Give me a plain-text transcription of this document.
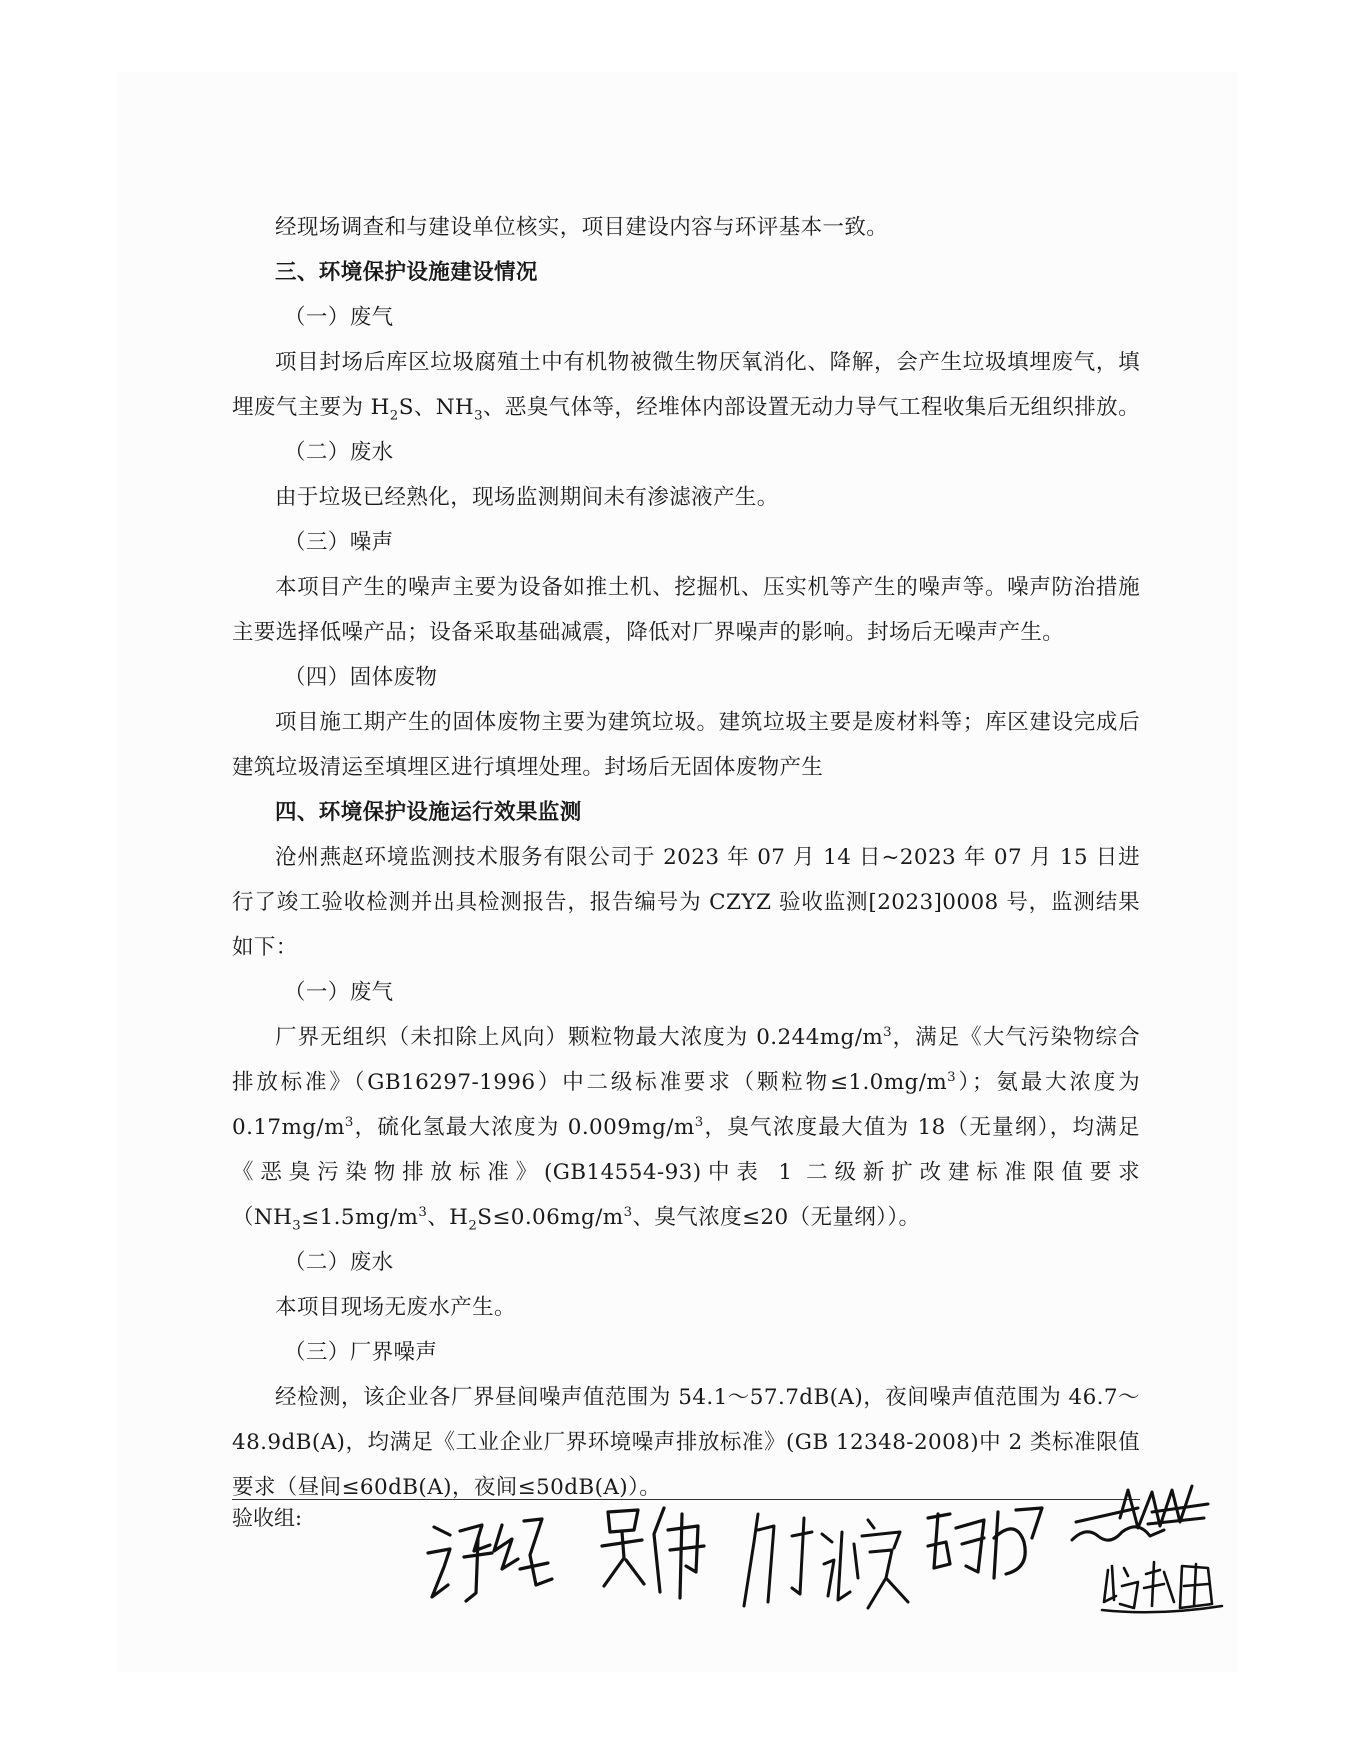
经现场调查和与建设单位核实，项目建设内容与环评基本一致。

三、环境保护设施建设情况

（一）废气

项目封场后库区垃圾腐殖土中有机物被微生物厌氧消化、降解，会产生垃圾填埋废气，填埋废气主要为 $H_2S$、$NH_3$、恶臭气体等，经堆体内部设置无动力导气工程收集后无组织排放。

（二）废水

由于垃圾已经熟化，现场监测期间未有渗滤液产生。

（三）噪声

本项目产生的噪声主要为设备如推土机、挖掘机、压实机等产生的噪声等。噪声防治措施主要选择低噪产品；设备采取基础减震，降低对厂界噪声的影响。封场后无噪声产生。

（四）固体废物

项目施工期产生的固体废物主要为建筑垃圾。建筑垃圾主要是废材料等；库区建设完成后建筑垃圾清运至填埋区进行填埋处理。封场后无固体废物产生

四、环境保护设施运行效果监测

沧州燕赵环境监测技术服务有限公司于 2023 年 07 月 14 日~2023 年 07 月 15 日进行了竣工验收检测并出具检测报告，报告编号为 CZYZ 验收监测[2023]0008 号，监测结果如下：

（一）废气

厂界无组织（未扣除上风向）颗粒物最大浓度为 $0.244mg/m^3$，满足《大气污染物综合排放标准》（GB16297-1996）中二级标准要求（颗粒物$\le 1.0mg/m^3$）；氨最大浓度为 $0.17mg/m^3$，硫化氢最大浓度为 $0.009mg/m^3$，臭气浓度最大值为 18（无量纲），均满足《恶臭污染物排放标准》(GB14554-93)中表 1 二级新扩改建标准限值要求（$NH_3\le 1.5mg/m^3$、$H_2S\le 0.06mg/m^3$、臭气浓度≤20（无量纲））。

（二）废水

本项目现场无废水产生。

（三）厂界噪声

经检测，该企业各厂界昼间噪声值范围为 54.1～57.7dB(A)，夜间噪声值范围为 46.7～48.9dB(A)，均满足《工业企业厂界环境噪声排放标准》(GB 12348-2008)中 2 类标准限值要求（昼间≤60dB(A)，夜间≤50dB(A)）。

验收组:
